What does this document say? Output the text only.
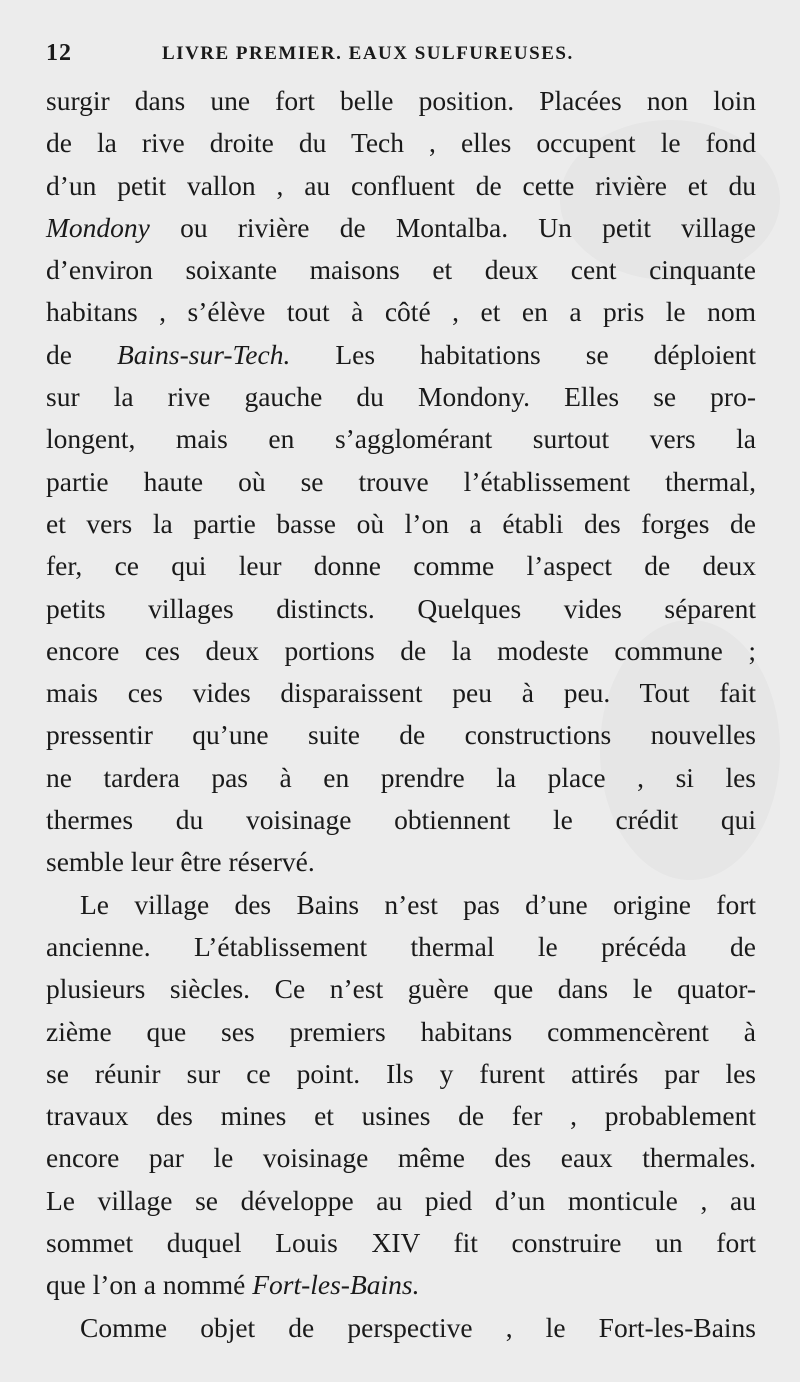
12	LIVRE PREMIER. EAUX SULFUREUSES.
surgir dans une fort belle position. Placées non loin
de la rive droite du Tech , elles occupent le fond
d’un petit vallon , au confluent de cette rivière et du
Mondony ou rivière de Montalba. Un petit village
d’environ soixante maisons et deux cent cinquante
habitans , s’élève tout à côté , et en a pris le nom
de Bains-sur-Tech. Les habitations se déploient
sur la rive gauche du Mondony. Elles se pro-
longent, mais en s’agglomérant surtout vers la
partie haute où se trouve l’établissement thermal,
et vers la partie basse où l’on a établi des forges de
fer, ce qui leur donne comme l’aspect de deux
petits villages distincts. Quelques vides séparent
encore ces deux portions de la modeste commune ;
mais ces vides disparaissent peu à peu. Tout fait
pressentir qu’une suite de constructions nouvelles
ne tardera pas à en prendre la place , si les
thermes du voisinage obtiennent le crédit qui
semble leur être réservé.
Le village des Bains n’est pas d’une origine fort
ancienne. L’établissement thermal le précéda de
plusieurs siècles. Ce n’est guère que dans le quator-
zième que ses premiers habitans commencèrent à
se réunir sur ce point. Ils y furent attirés par les
travaux des mines et usines de fer , probablement
encore par le voisinage même des eaux thermales.
Le village se développe au pied d’un monticule , au
sommet duquel Louis XIV fit construire un fort
que l’on a nommé Fort-les-Bains.
Comme objet de perspective , le Fort-les-Bains
